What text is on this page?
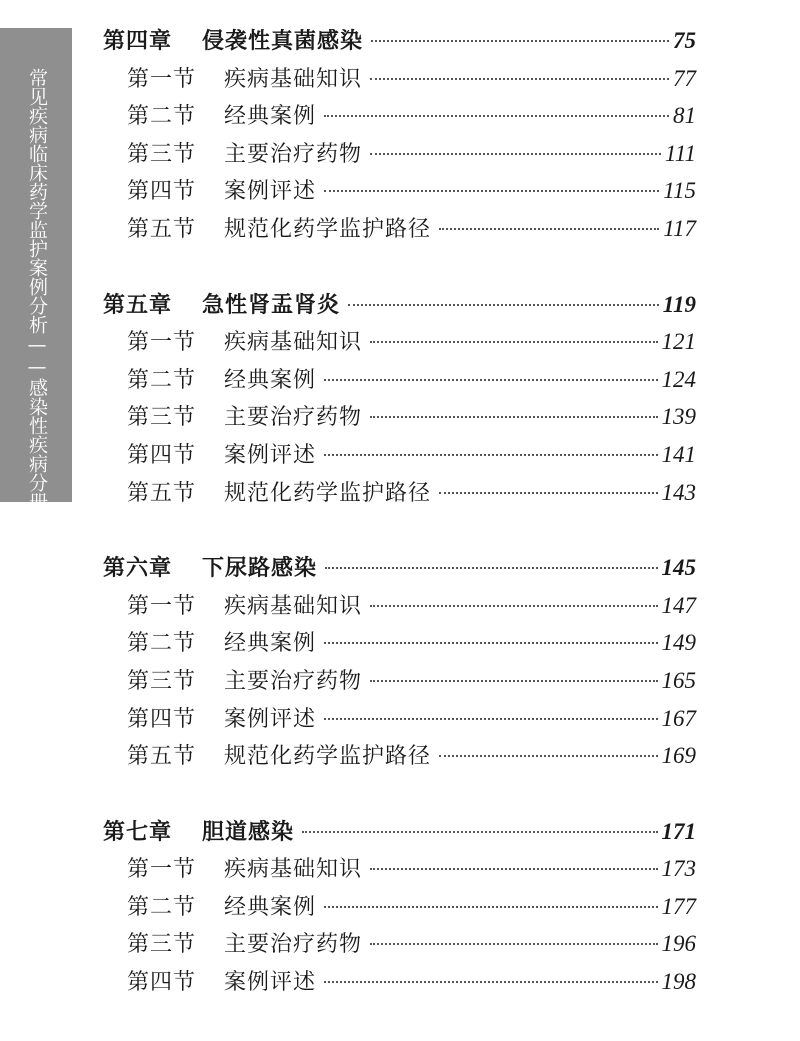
常见疾病临床药学监护案例分析——感染性疾病分册
第四章 侵袭性真菌感染	75
第一节 疾病基础知识	77
第二节 经典案例	81
第三节 主要治疗药物	111
第四节 案例评述	115
第五节 规范化药学监护路径	117
第五章 急性肾盂肾炎	119
第一节 疾病基础知识	121
第二节 经典案例	124
第三节 主要治疗药物	139
第四节 案例评述	141
第五节 规范化药学监护路径	143
第六章 下尿路感染	145
第一节 疾病基础知识	147
第二节 经典案例	149
第三节 主要治疗药物	165
第四节 案例评述	167
第五节 规范化药学监护路径	169
第七章 胆道感染	171
第一节 疾病基础知识	173
第二节 经典案例	177
第三节 主要治疗药物	196
第四节 案例评述	198
